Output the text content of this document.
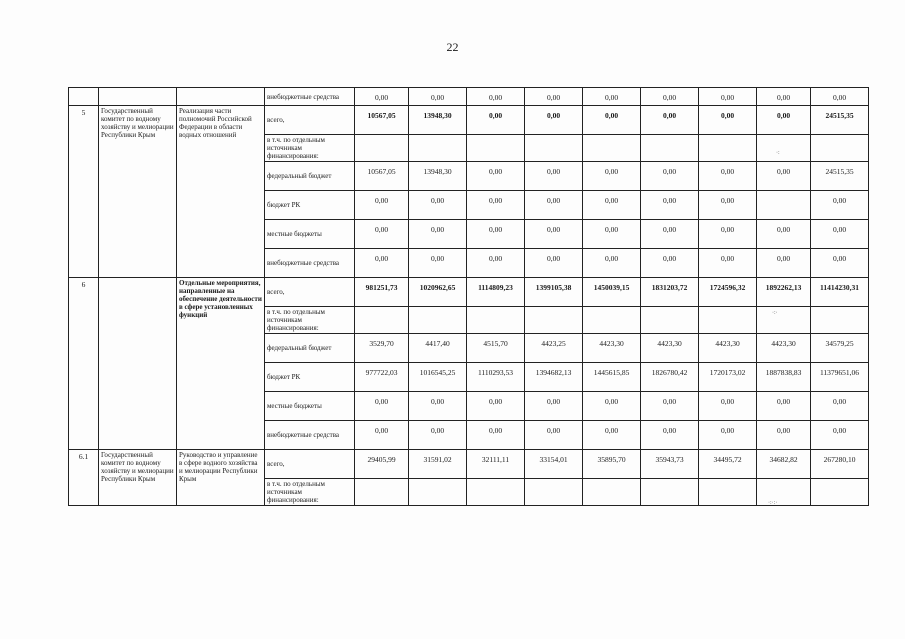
22
			внебюджетные средства	0,00	0,00	0,00	0,00	0,00	0,00	0,00	0,00	0,00
5	Государственный комитет по водному хозяйству и мелиорации Республики Крым	Реализация части полномочий Российской Федерации в области водных отношений	всего,	10567,05	13948,30	0,00	0,00	0,00	0,00	0,00	0,00	24515,35
			в т.ч. по отдельным источникам финансирования:									
			федеральный бюджет	10567,05	13948,30	0,00	0,00	0,00	0,00	0,00	0,00	24515,35
			бюджет РК	0,00	0,00	0,00	0,00	0,00	0,00	0,00		0,00
			местные бюджеты	0,00	0,00	0,00	0,00	0,00	0,00	0,00	0,00	0,00
			внебюджетные средства	0,00	0,00	0,00	0,00	0,00	0,00	0,00	0,00	0,00
6		Отдельные мероприятия, направленные на обеспечение деятельности в сфере установленных функций	всего,	981251,73	1020962,65	1114809,23	1399105,38	1450039,15	1831203,72	1724596,32	1892262,13	11414230,31
			в т.ч. по отдельным источникам финансирования:									
			федеральный бюджет	3529,70	4417,40	4515,70	4423,25	4423,30	4423,30	4423,30	4423,30	34579,25
			бюджет РК	977722,03	1016545,25	1110293,53	1394682,13	1445615,85	1826780,42	1720173,02	1887838,83	11379651,06
			местные бюджеты	0,00	0,00	0,00	0,00	0,00	0,00	0,00	0,00	0,00
			внебюджетные средства	0,00	0,00	0,00	0,00	0,00	0,00	0,00	0,00	0,00
6.1	Государственный комитет по водному хозяйству и мелиорации Республики Крым	Руководство и управление в сфере водного хозяйства и мелиорации Республики Крым	всего,	29405,99	31591,02	32111,11	33154,01	35895,70	35943,73	34495,72	34682,82	267280,10
			в т.ч. по отдельным источникам финансирования:									
·:
·:·
·:·:·
